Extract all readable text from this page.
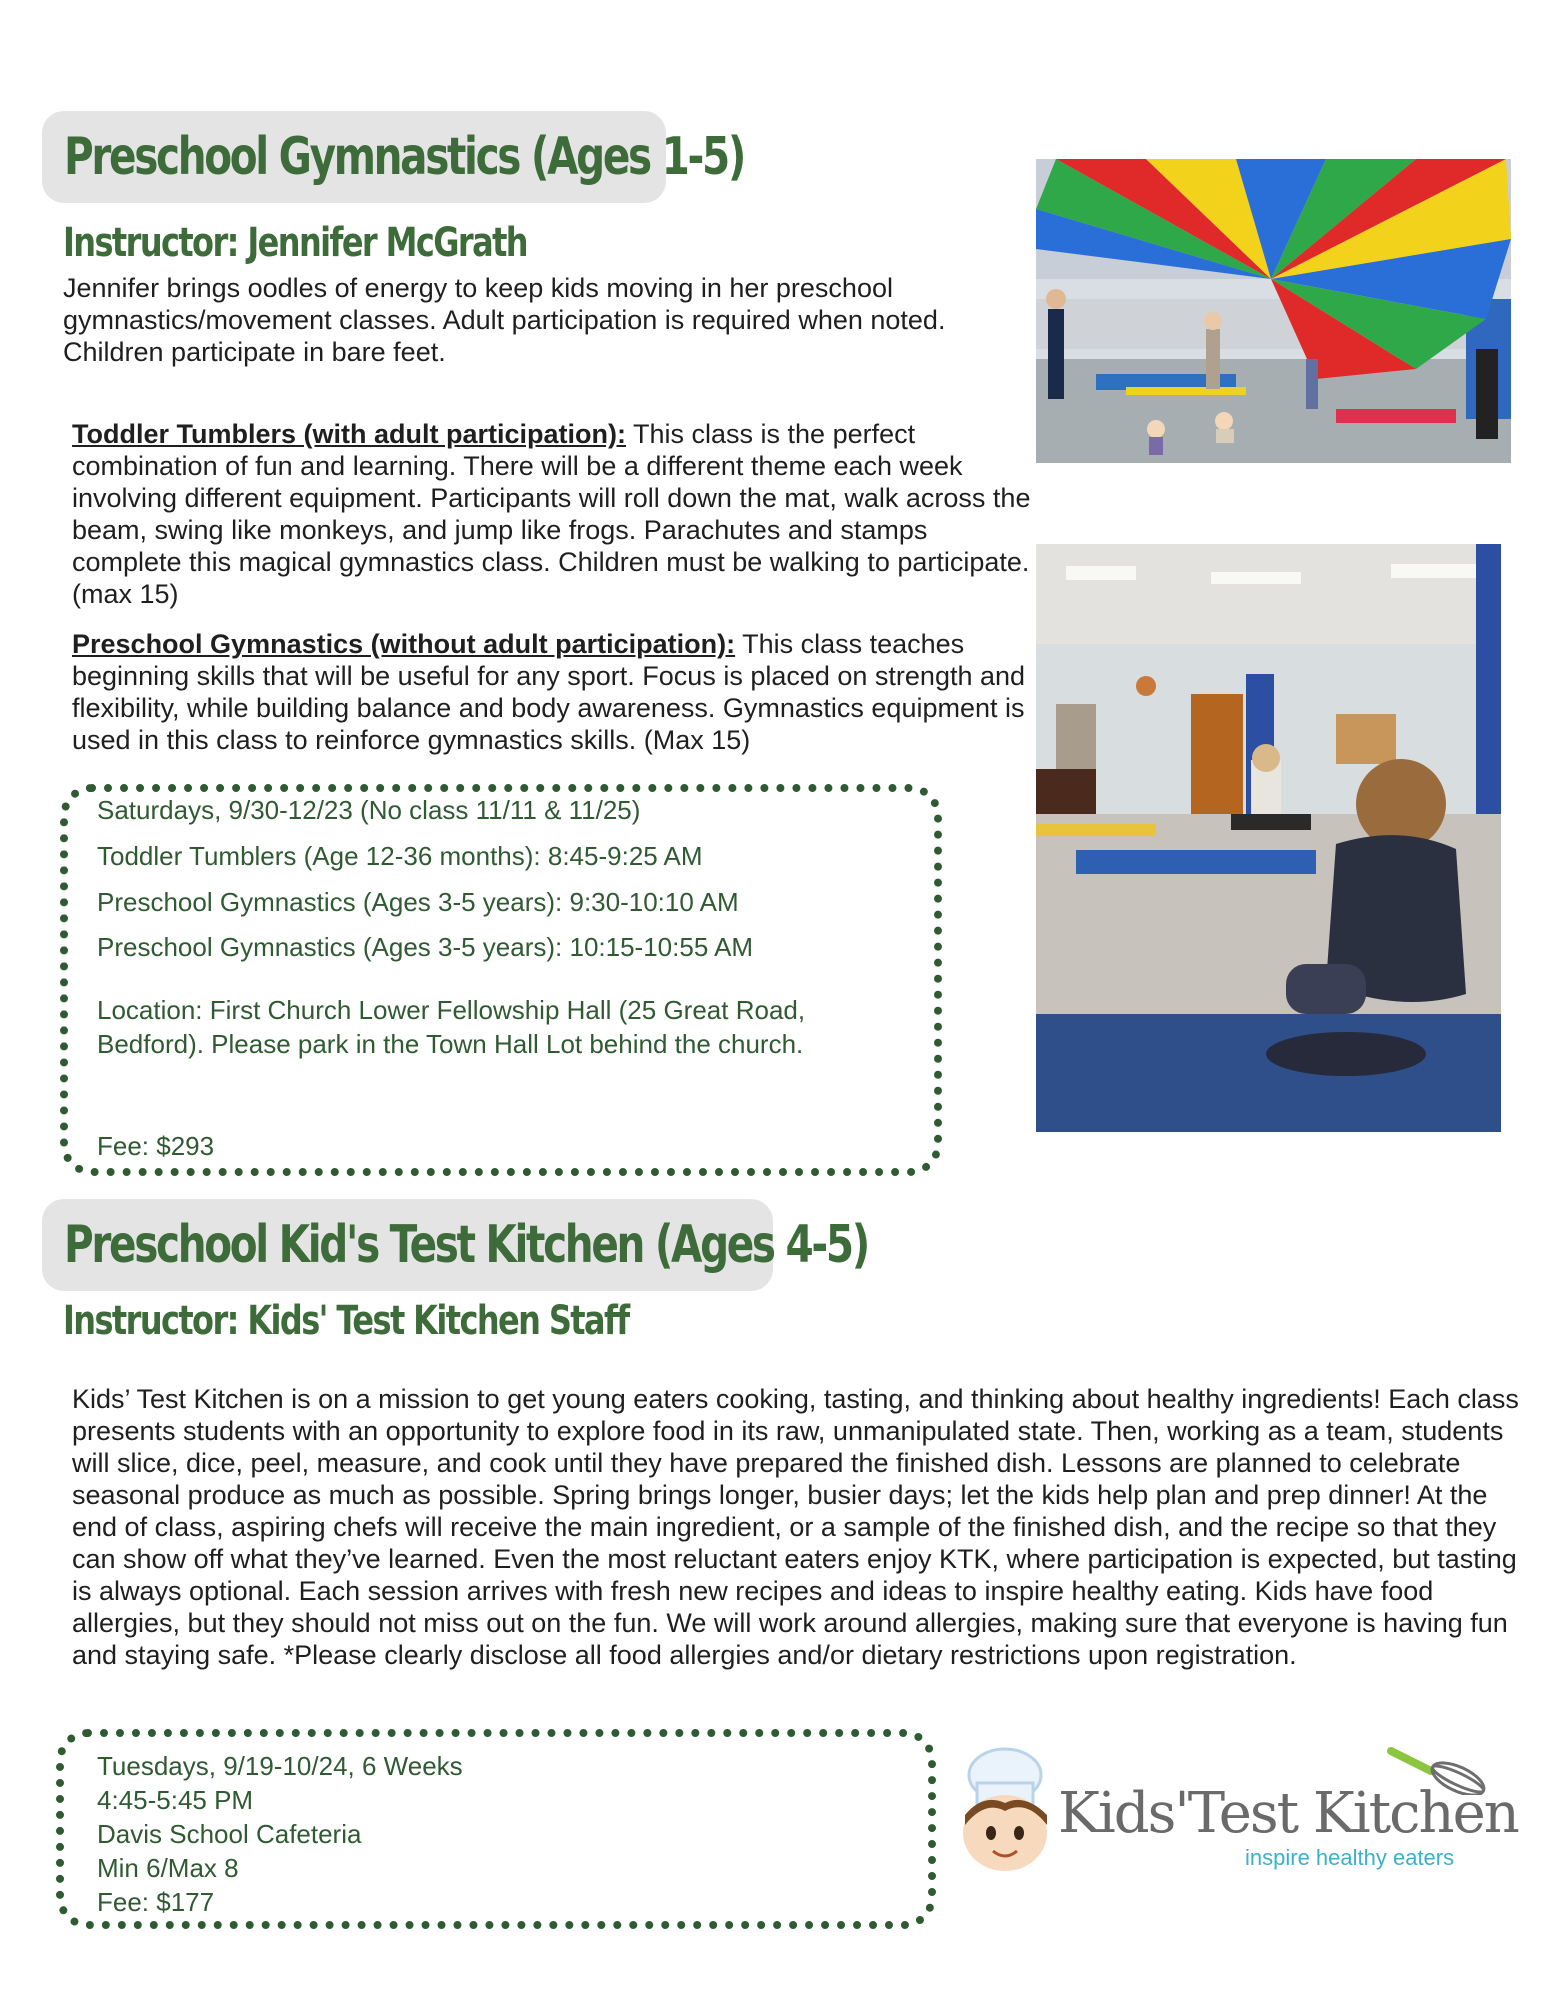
Preschool Gymnastics (Ages 1-5)
Instructor: Jennifer McGrath
Jennifer brings oodles of energy to keep kids moving in her preschool gymnastics/movement classes. Adult participation is required when noted. Children participate in bare feet.
Toddler Tumblers (with adult participation): This class is the perfect combination of fun and learning. There will be a different theme each week involving different equipment. Participants will roll down the mat, walk across the beam, swing like monkeys, and jump like frogs. Parachutes and stamps complete this magical gymnastics class. Children must be walking to participate. (max 15)
Preschool Gymnastics (without adult participation): This class teaches beginning skills that will be useful for any sport. Focus is placed on strength and flexibility, while building balance and body awareness. Gymnastics equipment is used in this class to reinforce gymnastics skills. (Max 15)
Saturdays, 9/30-12/23 (No class 11/11 & 11/25)
Toddler Tumblers (Age 12-36 months): 8:45-9:25 AM
Preschool Gymnastics (Ages 3-5 years): 9:30-10:10 AM
Preschool Gymnastics (Ages 3-5 years): 10:15-10:55 AM
Location: First Church Lower Fellowship Hall (25 Great Road, Bedford). Please park in the Town Hall Lot behind the church.
Fee: $293
Preschool Kid's Test Kitchen (Ages 4-5)
Instructor: Kids' Test Kitchen Staff
Kids’ Test Kitchen is on a mission to get young eaters cooking, tasting, and thinking about healthy ingredients! Each class presents students with an opportunity to explore food in its raw, unmanipulated state. Then, working as a team, students will slice, dice, peel, measure, and cook until they have prepared the finished dish. Lessons are planned to celebrate seasonal produce as much as possible. Spring brings longer, busier days; let the kids help plan and prep dinner! At the end of class, aspiring chefs will receive the main ingredient, or a sample of the finished dish, and the recipe so that they can show off what they’ve learned. Even the most reluctant eaters enjoy KTK, where participation is expected, but tasting is always optional. Each session arrives with fresh new recipes and ideas to inspire healthy eating. Kids have food allergies, but they should not miss out on the fun. We will work around allergies, making sure that everyone is having fun and staying safe. *Please clearly disclose all food allergies and/or dietary restrictions upon registration.
Tuesdays, 9/19-10/24, 6 Weeks
4:45-5:45 PM
Davis School Cafeteria
Min 6/Max 8
Fee: $177
Kids'Test Kitchen
inspire healthy eaters
